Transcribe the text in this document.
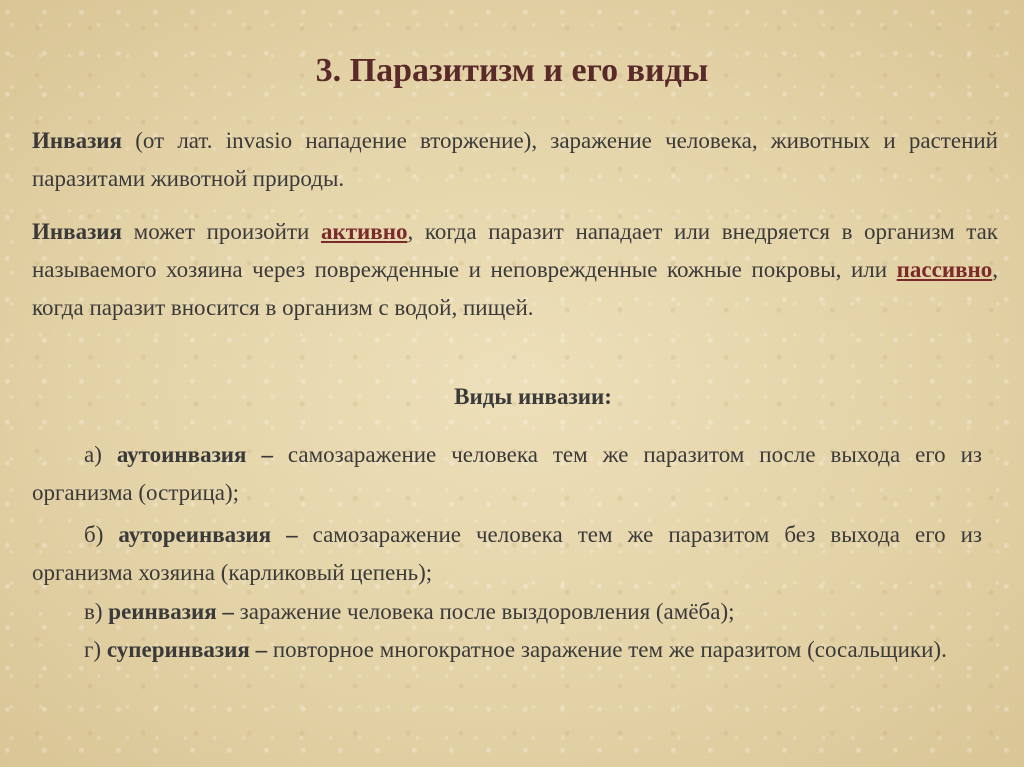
3. Паразитизм и его виды
Инвазия (от лат. invasio нападение вторжение), заражение человека, животных и растений паразитами животной природы.
Инвазия может произойти активно, когда паразит нападает или внедряется в организм так называемого хозяина через поврежденные и неповрежденные кожные покровы, или пассивно, когда паразит вносится в организм с водой, пищей.
Виды инвазии:
а) аутоинвазия – самозаражение человека тем же паразитом после выхода его из организма (острица);
б) аутореинвазия – самозаражение человека тем же паразитом без выхода его из организма хозяина (карликовый цепень);
в) реинвазия – заражение человека после выздоровления (амёба);
г) суперинвазия – повторное многократное заражение тем же паразитом (сосальщики).
